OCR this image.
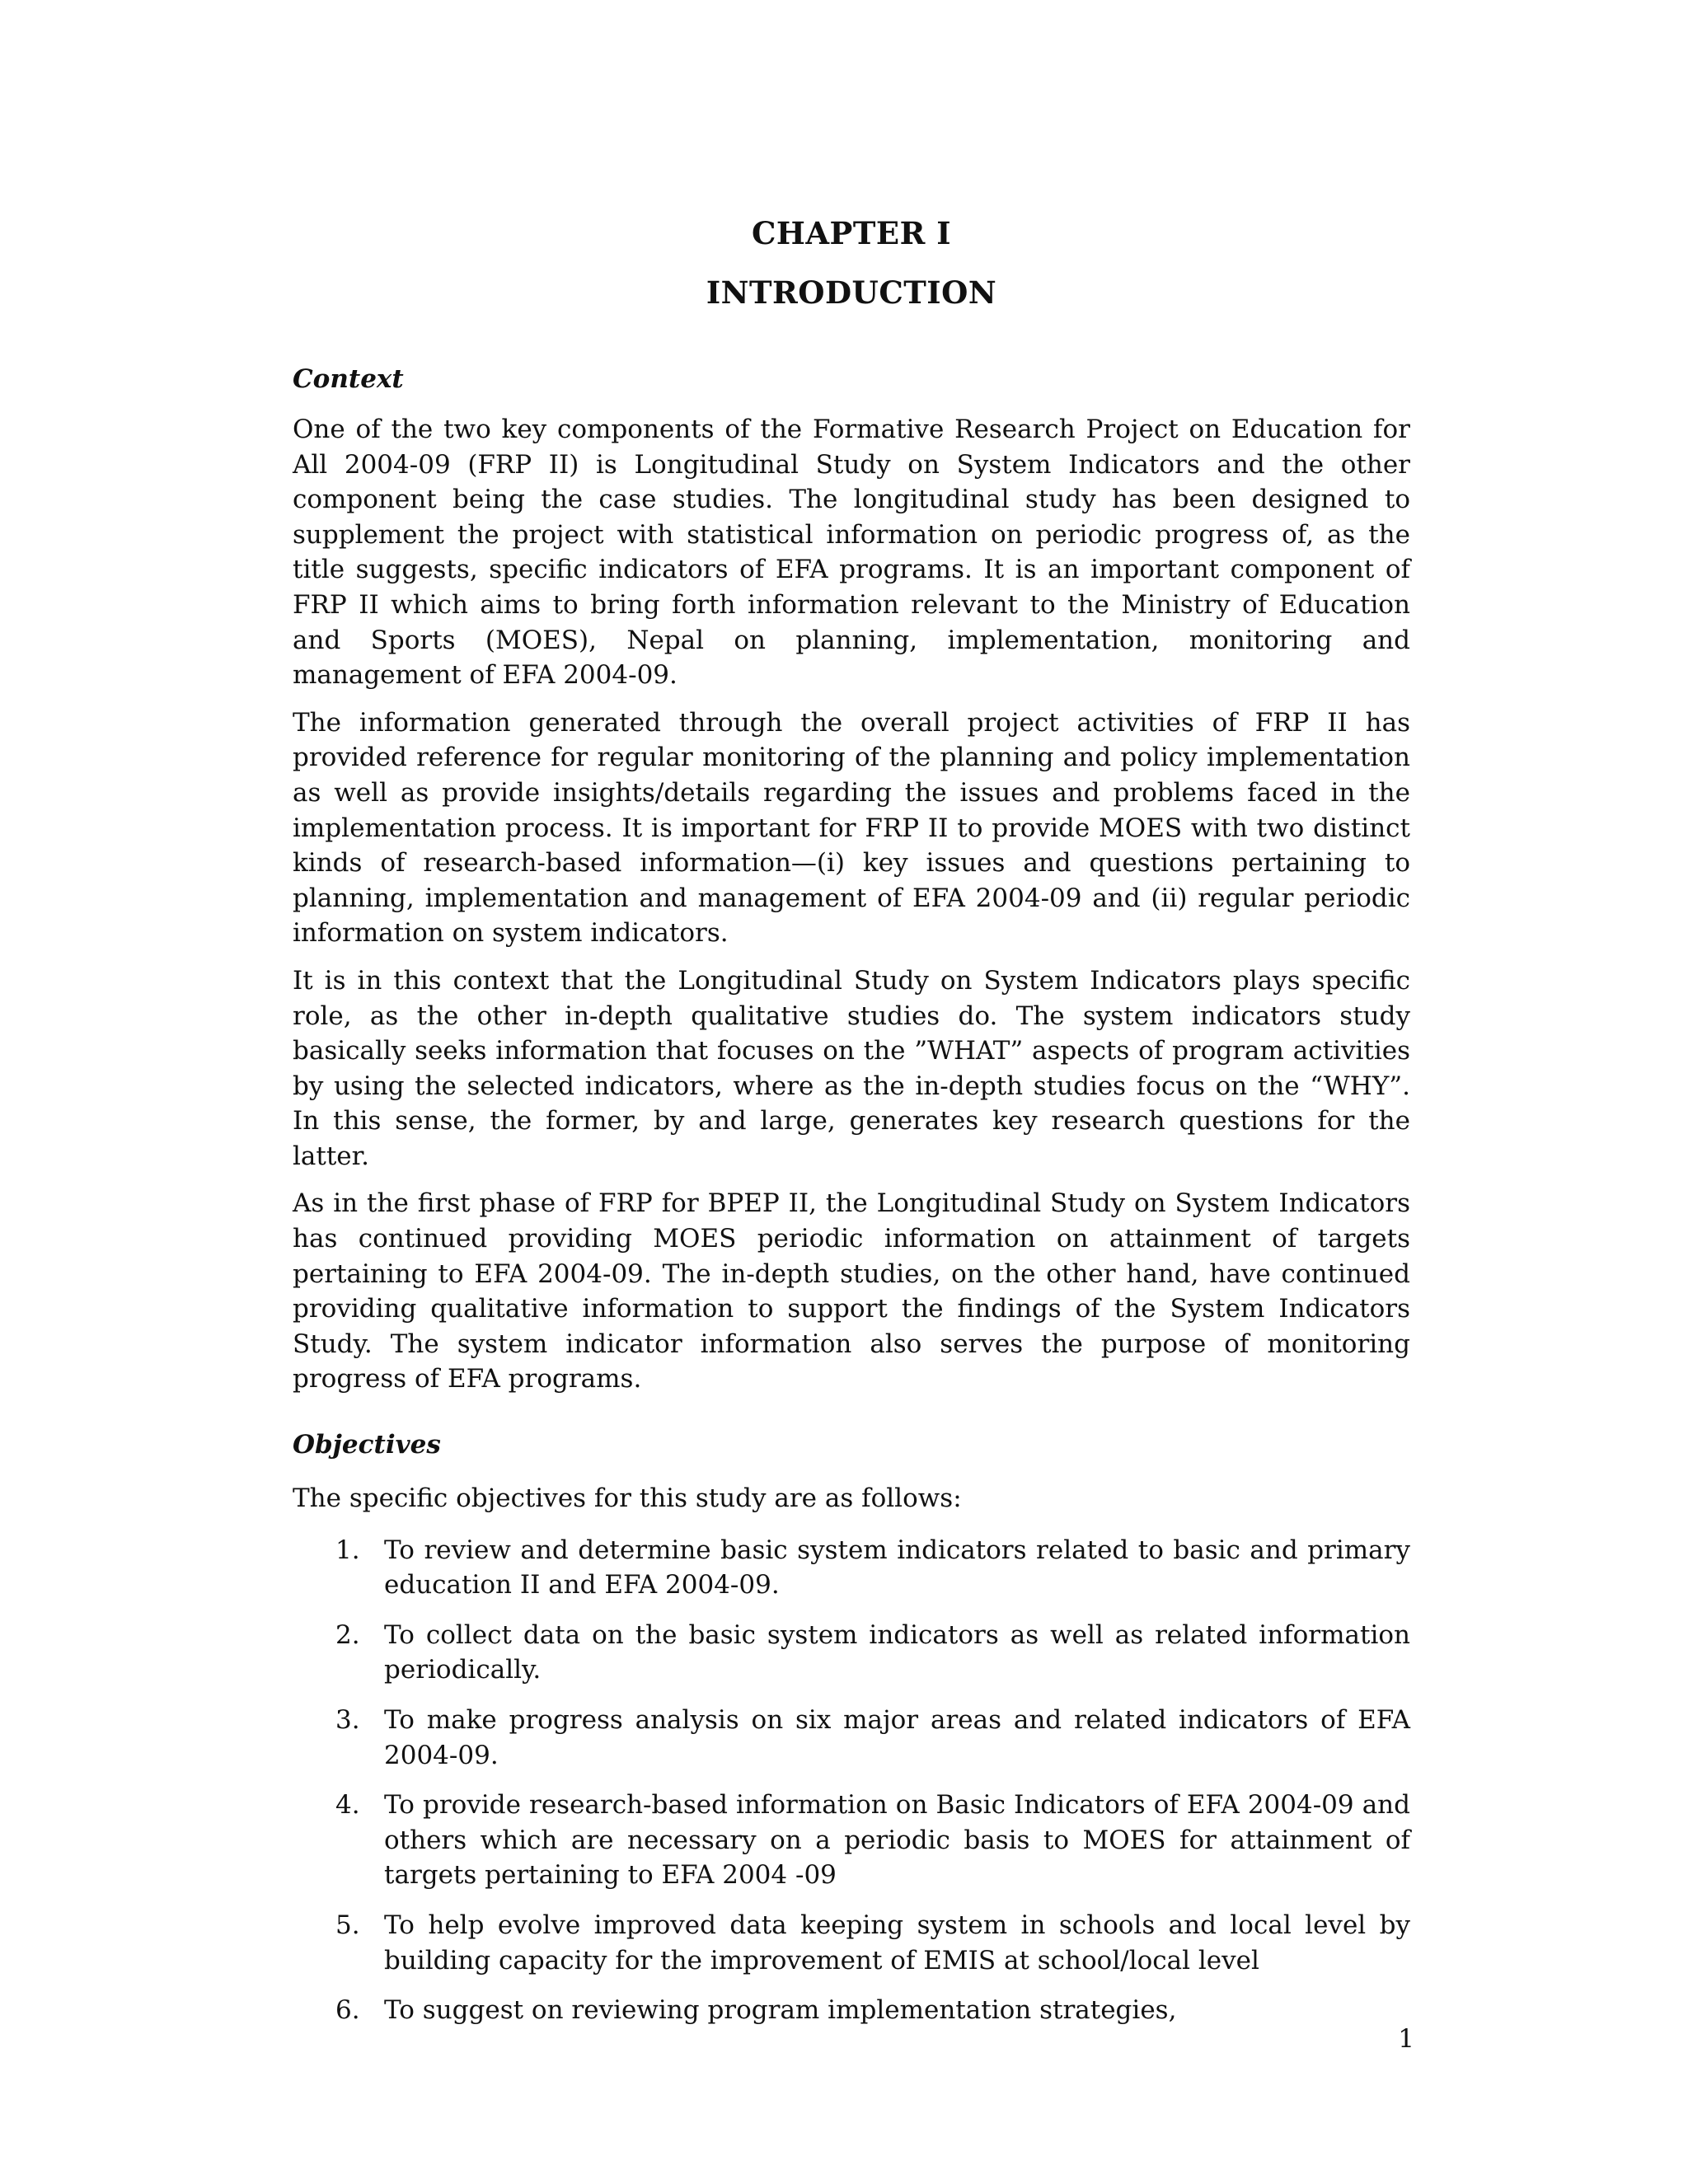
CHAPTER I
INTRODUCTION
Context

One of the two key components of the Formative Research Project on Education for All 2004-09 (FRP II) is Longitudinal Study on System Indicators and the other component being the case studies. The longitudinal study has been designed to supplement the project with statistical information on periodic progress of, as the title suggests, specific indicators of EFA programs. It is an important component of FRP II which aims to bring forth information relevant to the Ministry of Education and Sports (MOES), Nepal on planning, implementation, monitoring and management of EFA 2004-09.

The information generated through the overall project activities of FRP II has provided reference for regular monitoring of the planning and policy implementation as well as provide insights/details regarding the issues and problems faced in the implementation process. It is important for FRP II to provide MOES with two distinct kinds of research-based information—(i) key issues and questions pertaining to planning, implementation and management of EFA 2004-09 and (ii) regular periodic information on system indicators.

It is in this context that the Longitudinal Study on System Indicators plays specific role, as the other in-depth qualitative studies do. The system indicators study basically seeks information that focuses on the ”WHAT” aspects of program activities by using the selected indicators, where as the in-depth studies focus on the “WHY”. In this sense, the former, by and large, generates key research questions for the latter.

As in the first phase of FRP for BPEP II, the Longitudinal Study on System Indicators has continued providing MOES periodic information on attainment of targets pertaining to EFA 2004-09. The in-depth studies, on the other hand, have continued providing qualitative information to support the findings of the System Indicators Study. The system indicator information also serves the purpose of monitoring progress of EFA programs.

Objectives

The specific objectives for this study are as follows:

1. To review and determine basic system indicators related to basic and primary education II and EFA 2004-09.
2. To collect data on the basic system indicators as well as related information periodically.
3. To make progress analysis on six major areas and related indicators of EFA 2004-09.
4. To provide research-based information on Basic Indicators of EFA 2004-09 and others which are necessary on a periodic basis to MOES for attainment of targets pertaining to EFA 2004 -09
5. To help evolve improved data keeping system in schools and local level by building capacity for the improvement of EMIS at school/local level
6. To suggest on reviewing program implementation strategies,
1
